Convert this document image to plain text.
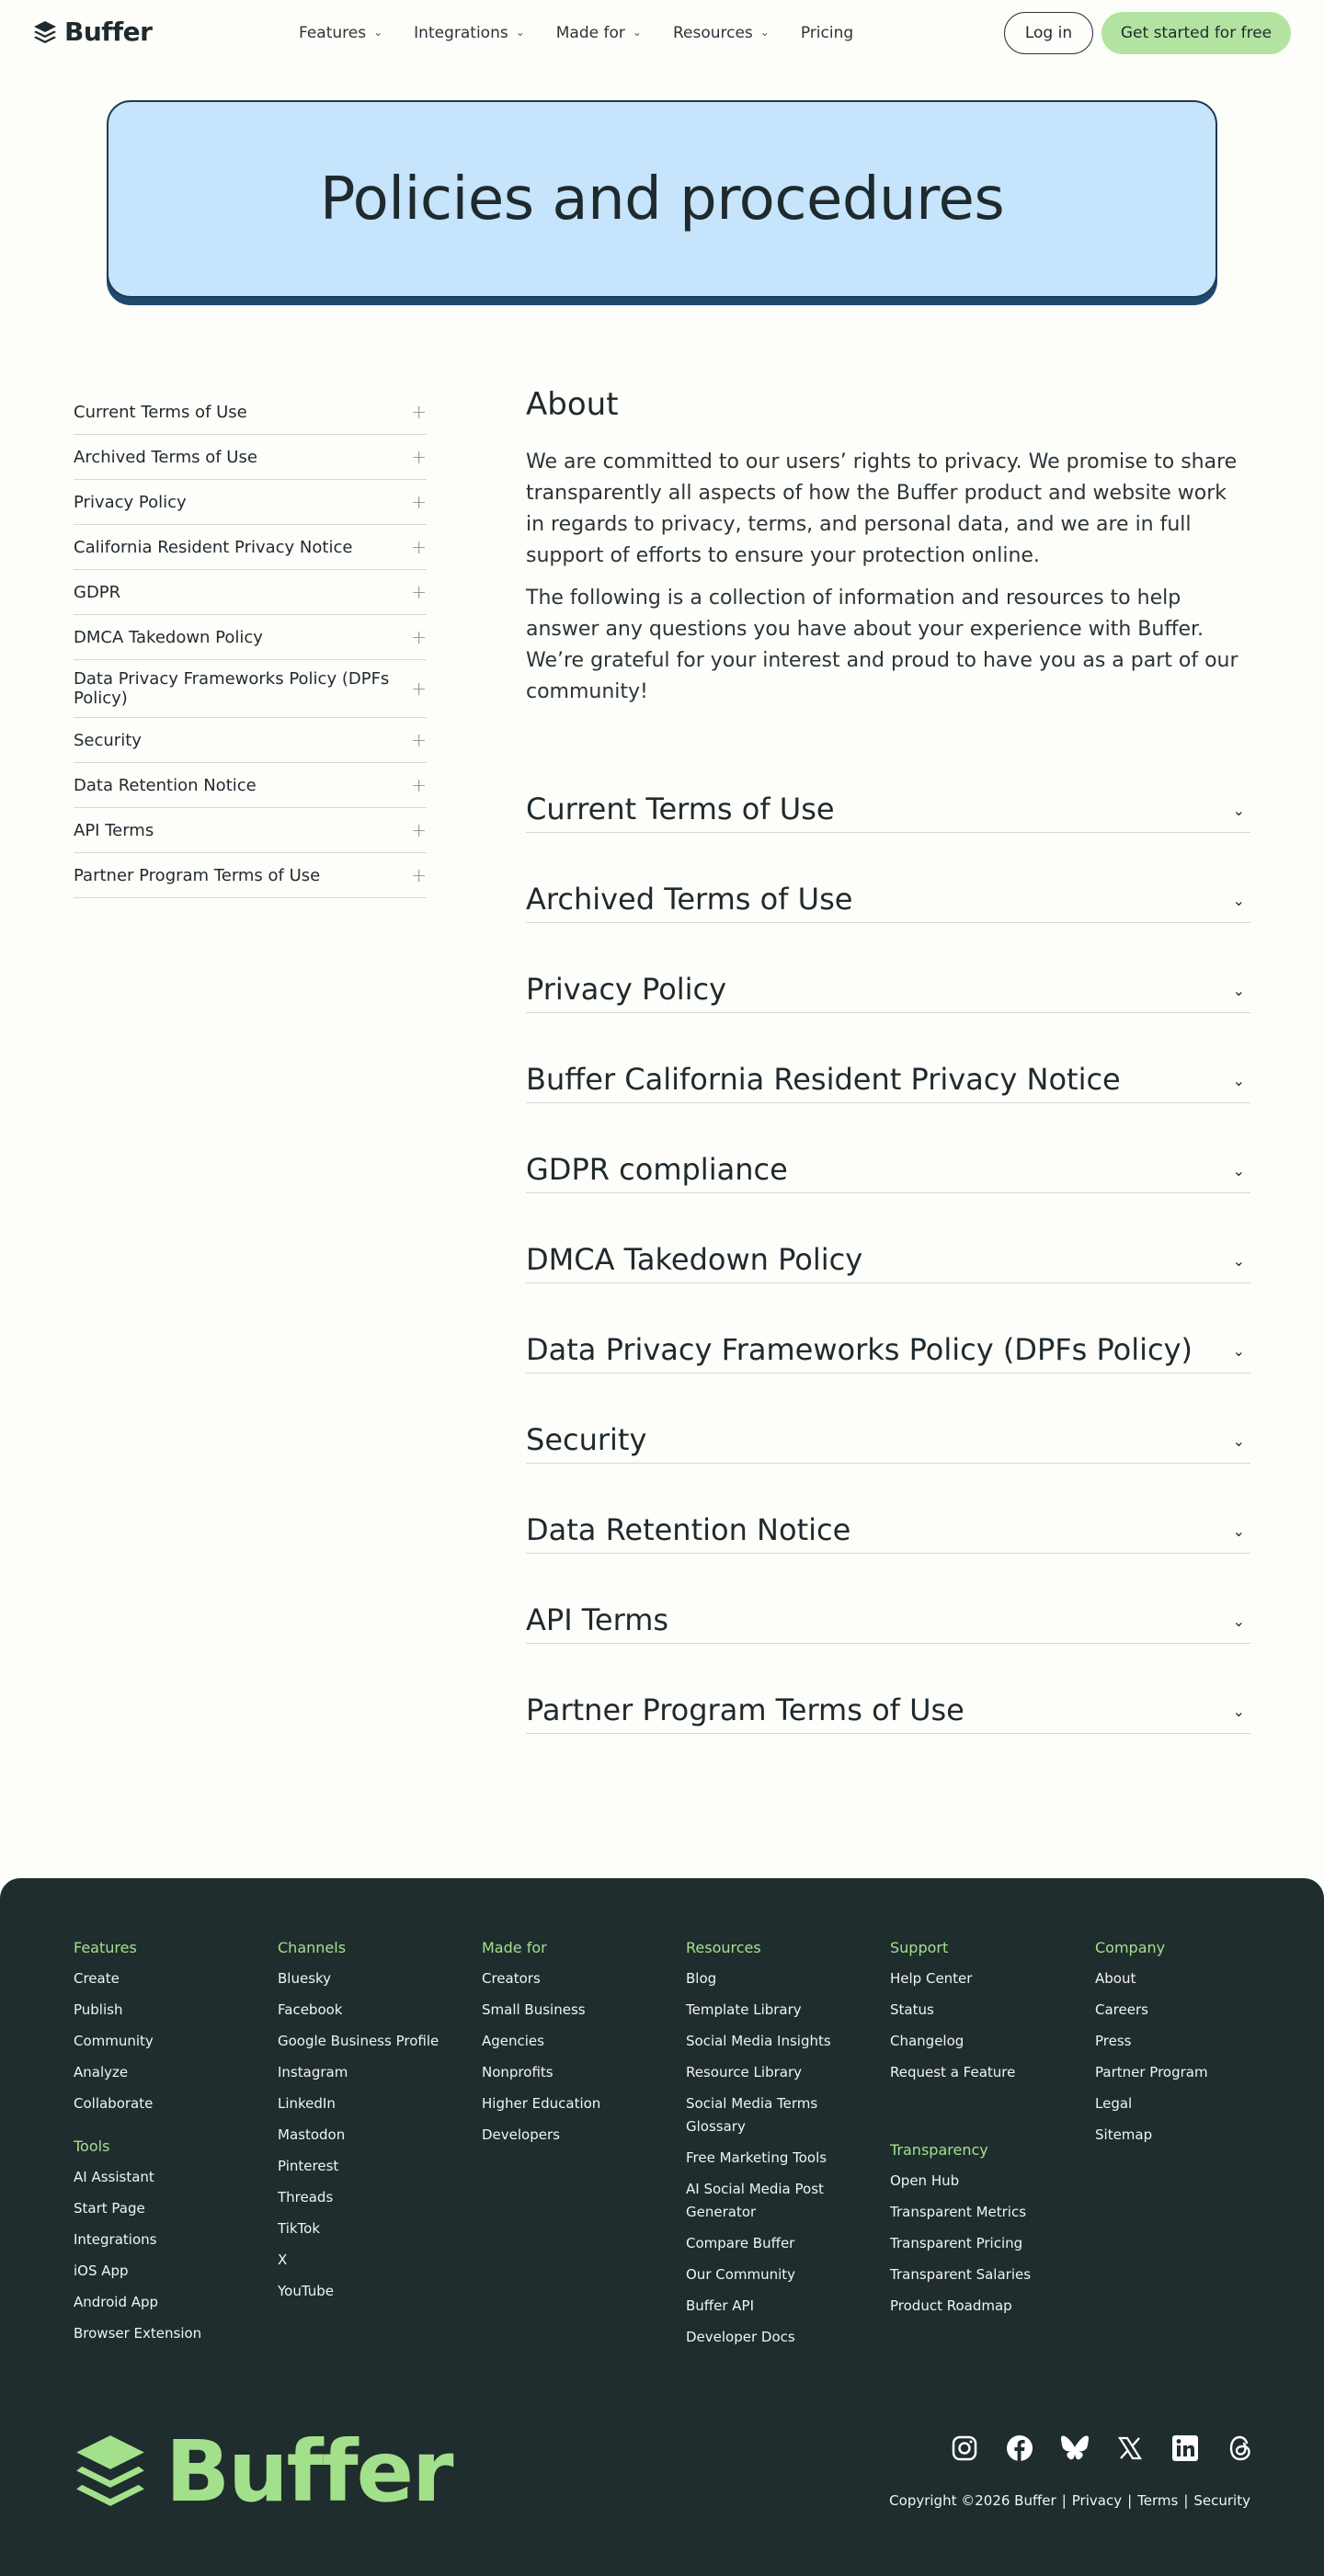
Buffer	Features ⌄ Integrations ⌄ Made for ⌄ Resources ⌄ Pricing	Log in	Get started for free
Policies and procedures
Current Terms of Use	+
Archived Terms of Use	+
Privacy Policy	+
California Resident Privacy Notice	+
GDPR	+
DMCA Takedown Policy	+
Data Privacy Frameworks Policy (DPFs Policy)	+
Security	+
Data Retention Notice	+
API Terms	+
Partner Program Terms of Use	+
About

We are committed to our users’ rights to privacy. We promise to share transparently all aspects of how the Buffer product and website work in regards to privacy, terms, and personal data, and we are in full support of efforts to ensure your protection online.

The following is a collection of information and resources to help answer any questions you have about your experience with Buffer. We’re grateful for your interest and proud to have you as a part of our community!

Current Terms of Use	⌄
Archived Terms of Use	⌄
Privacy Policy	⌄
Buffer California Resident Privacy Notice	⌄
GDPR compliance	⌄
DMCA Takedown Policy	⌄
Data Privacy Frameworks Policy (DPFs Policy)	⌄
Security	⌄
Data Retention Notice	⌄
API Terms	⌄
Partner Program Terms of Use	⌄
Features
Create
Publish
Community
Analyze
Collaborate
Tools
AI Assistant
Start Page
Integrations
iOS App
Android App
Browser Extension
Channels
Bluesky
Facebook
Google Business Profile
Instagram
LinkedIn
Mastodon
Pinterest
Threads
TikTok
X
YouTube
Made for
Creators
Small Business
Agencies
Nonprofits
Higher Education
Developers
Resources
Blog
Template Library
Social Media Insights
Resource Library
Social Media Terms Glossary
Free Marketing Tools
AI Social Media Post Generator
Compare Buffer
Our Community
Buffer API
Developer Docs
Support
Help Center
Status
Changelog
Request a Feature
Transparency
Open Hub
Transparent Metrics
Transparent Pricing
Transparent Salaries
Product Roadmap
Company
About
Careers
Press
Partner Program
Legal
Sitemap
Buffer	Copyright ©2026 Buffer | Privacy | Terms | Security
